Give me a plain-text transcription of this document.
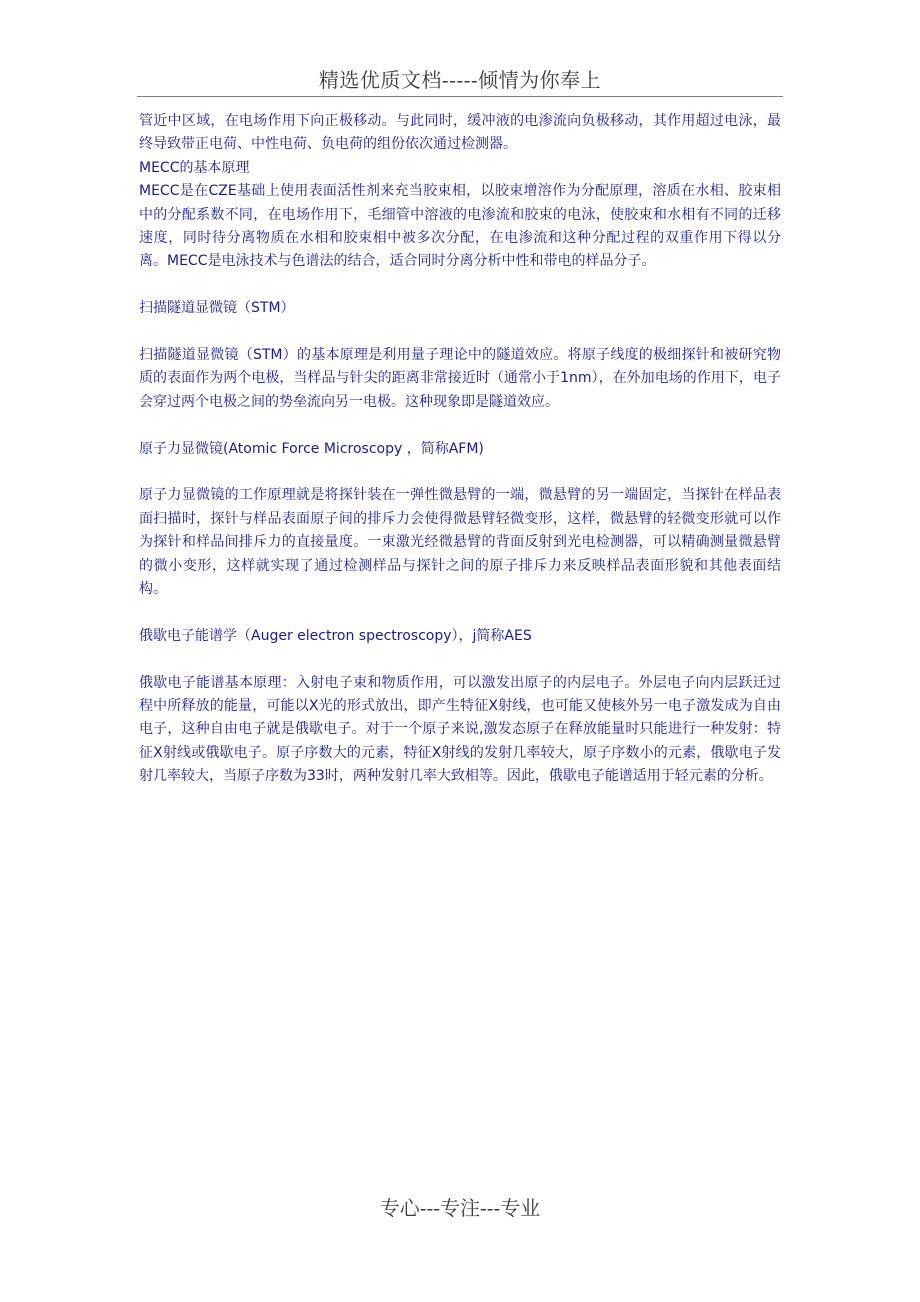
精选优质文档-----倾情为你奉上

管近中区域，在电场作用下向正极移动。与此同时，缓冲液的电渗流向负极移动，其作用超过电泳，最终导致带正电荷、中性电荷、负电荷的组份依次通过检测器。

MECC的基本原理

MECC是在CZE基础上使用表面活性剂来充当胶束相，以胶束增溶作为分配原理，溶质在水相、胶束相中的分配系数不同，在电场作用下，毛细管中溶液的电渗流和胶束的电泳，使胶束和水相有不同的迁移速度，同时待分离物质在水相和胶束相中被多次分配，在电渗流和这种分配过程的双重作用下得以分离。MECC是电泳技术与色谱法的结合，适合同时分离分析中性和带电的样品分子。

扫描隧道显微镜（STM）

扫描隧道显微镜（STM）的基本原理是利用量子理论中的隧道效应。将原子线度的极细探针和被研究物质的表面作为两个电极，当样品与针尖的距离非常接近时（通常小于1nm），在外加电场的作用下，电子会穿过两个电极之间的势垒流向另一电极。这种现象即是隧道效应。

原子力显微镜(Atomic Force Microscopy ，简称AFM)

原子力显微镜的工作原理就是将探针装在一弹性微悬臂的一端，微悬臂的另一端固定，当探针在样品表面扫描时，探针与样品表面原子间的排斥力会使得微悬臂轻微变形，这样，微悬臂的轻微变形就可以作为探针和样品间排斥力的直接量度。一束激光经微悬臂的背面反射到光电检测器，可以精确测量微悬臂的微小变形，这样就实现了通过检测样品与探针之间的原子排斥力来反映样品表面形貌和其他表面结构。

俄歇电子能谱学（Auger electron spectroscopy），j简称AES

俄歇电子能谱基本原理：入射电子束和物质作用，可以激发出原子的内层电子。外层电子向内层跃迁过程中所释放的能量，可能以X光的形式放出，即产生特征X射线，也可能又使核外另一电子激发成为自由电子，这种自由电子就是俄歇电子。对于一个原子来说,激发态原子在释放能量时只能进行一种发射：特征X射线或俄歇电子。原子序数大的元素，特征X射线的发射几率较大，原子序数小的元素，俄歇电子发射几率较大，当原子序数为33时，两种发射几率大致相等。因此，俄歇电子能谱适用于轻元素的分析。

专心---专注---专业
